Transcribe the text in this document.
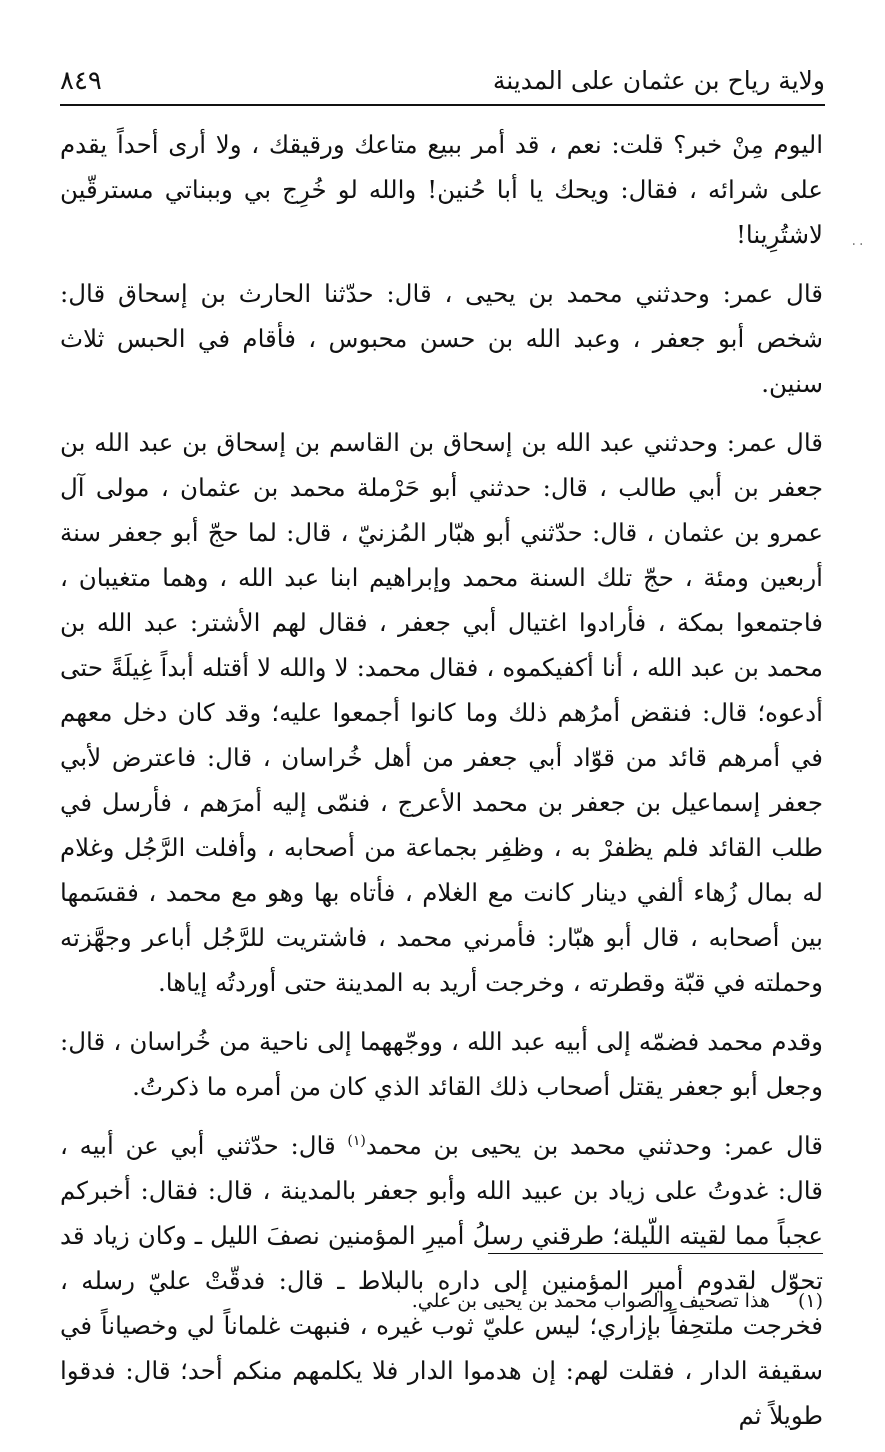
ولاية رياح بن عثمان على المدينة
٨٤٩
٠٠

اليوم مِنْ خبر؟ قلت: نعم ، قد أمر ببيع متاعك ورقيقك ، ولا أرى أحداً يقدم على شرائه ، فقال: ويحك يا أبا حُنين! والله لو خُرِج بي وببناتي مسترقّين لاشتُرِينا!

قال عمر: وحدثني محمد بن يحيى ، قال: حدّثنا الحارث بن إسحاق قال: شخص أبو جعفر ، وعبد الله بن حسن محبوس ، فأقام في الحبس ثلاث سنين.

قال عمر: وحدثني عبد الله بن إسحاق بن القاسم بن إسحاق بن عبد الله بن جعفر بن أبي طالب ، قال: حدثني أبو حَرْملة محمد بن عثمان ، مولى آل عمرو بن عثمان ، قال: حدّثني أبو هبّار المُزنيّ ، قال: لما حجّ أبو جعفر سنة أربعين ومئة ، حجّ تلك السنة محمد وإبراهيم ابنا عبد الله ، وهما متغيبان ، فاجتمعوا بمكة ، فأرادوا اغتيال أبي جعفر ، فقال لهم الأشتر: عبد الله بن محمد بن عبد الله ، أنا أكفيكموه ، فقال محمد: لا والله لا أقتله أبداً غِيلَةً حتى أدعوه؛ قال: فنقض أمرُهم ذلك وما كانوا أجمعوا عليه؛ وقد كان دخل معهم في أمرهم قائد من قوّاد أبي جعفر من أهل خُراسان ، قال: فاعترض لأبي جعفر إسماعيل بن جعفر بن محمد الأعرج ، فنمّى إليه أمرَهم ، فأرسل في طلب القائد فلم يظفرْ به ، وظفِر بجماعة من أصحابه ، وأفلت الرَّجُل وغلام له بمال زُهاء ألفي دينار كانت مع الغلام ، فأتاه بها وهو مع محمد ، فقسَمها بين أصحابه ، قال أبو هبّار: فأمرني محمد ، فاشتريت للرَّجُل أباعر وجهَّزته وحملته في قبّة وقطرته ، وخرجت أريد به المدينة حتى أوردتُه إياها.

وقدم محمد فضمّه إلى أبيه عبد الله ، ووجّههما إلى ناحية من خُراسان ، قال: وجعل أبو جعفر يقتل أصحاب ذلك القائد الذي كان من أمره ما ذكرتُ.

قال عمر: وحدثني محمد بن يحيى بن محمد$^{(١)}$ قال: حدّثني أبي عن أبيه ، قال: غدوتُ على زياد بن عبيد الله وأبو جعفر بالمدينة ، قال: فقال: أخبركم عجباً مما لقيته اللّيلة؛ طرقني رسلُ أميرِ المؤمنين نصفَ الليل ـ وكان زياد قد تحوّل لقدوم أمير المؤمنين إلى داره بالبلاط ـ قال: فدقّتْ عليّ رسله ، فخرجت ملتحِفاً بإزاري؛ ليس عليّ ثوب غيره ، فنبهت غلماناً لي وخصياناً في سقيفة الدار ، فقلت لهم: إن هدموا الدار فلا يكلمهم منكم أحد؛ قال: فدقوا طويلاً ثم

(١)
هذا تصحيف والصواب محمد بن يحيى بن علي.
